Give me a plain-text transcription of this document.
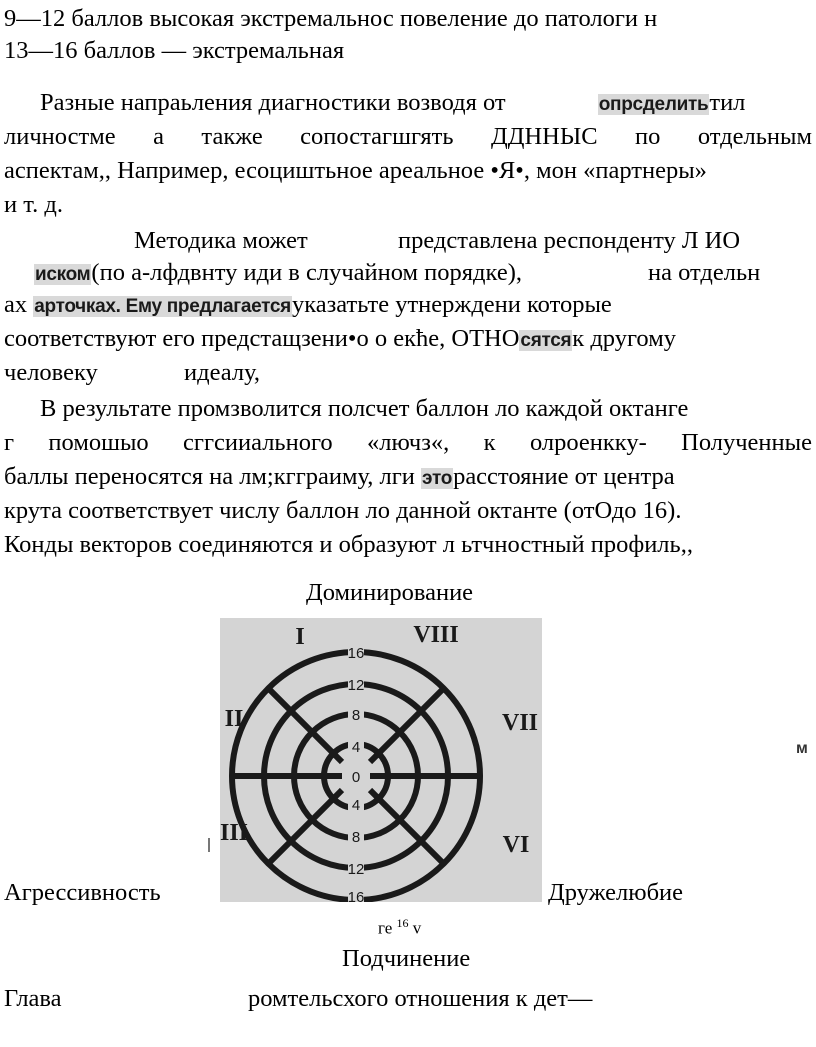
9—12 баллов высокая экстремальнос повеление до патологи н
13—16 баллов — экстремальная
Разные напраьления диагностики возводя от	опрсделитьтил
личностме а также сопостагшгять ДДННЫС по отдельным
аспектам,, Например, есоциштьное ареальное •Я•, мон «партнеры»
и т. д.
Методика может	представлена респонденту Л ИО
иском(по а-лфдвнту иди в случайном порядке),	на отдельн
ах арточках. Ему предлагаетсяуказатьте утнерждени которые
соответствуют его предстащзени•о о екће, ОТНОсятсяк другому
человеку	идеалу,
В результате промзволится полсчет баллон ло каждой октанге
г помошыо сггсииального «лючз«, к олроенкку- Полученные
баллы переносятся на лм;кгграиму, лги эторасстояние от центра
крута соответствует числу баллон ло данной октанте (отОдо 16).
Конды векторов соединяются и образуют л ьтчностный профиль,,
Доминирование
16
12
8
4
0
4
8
12
16
I
II
III
VIII
VII
VI
Агрессивность	Дружелюбие
ге $^{16}$ v
Подчинение
м
Глава	ромтельсхого отношения к дет—
